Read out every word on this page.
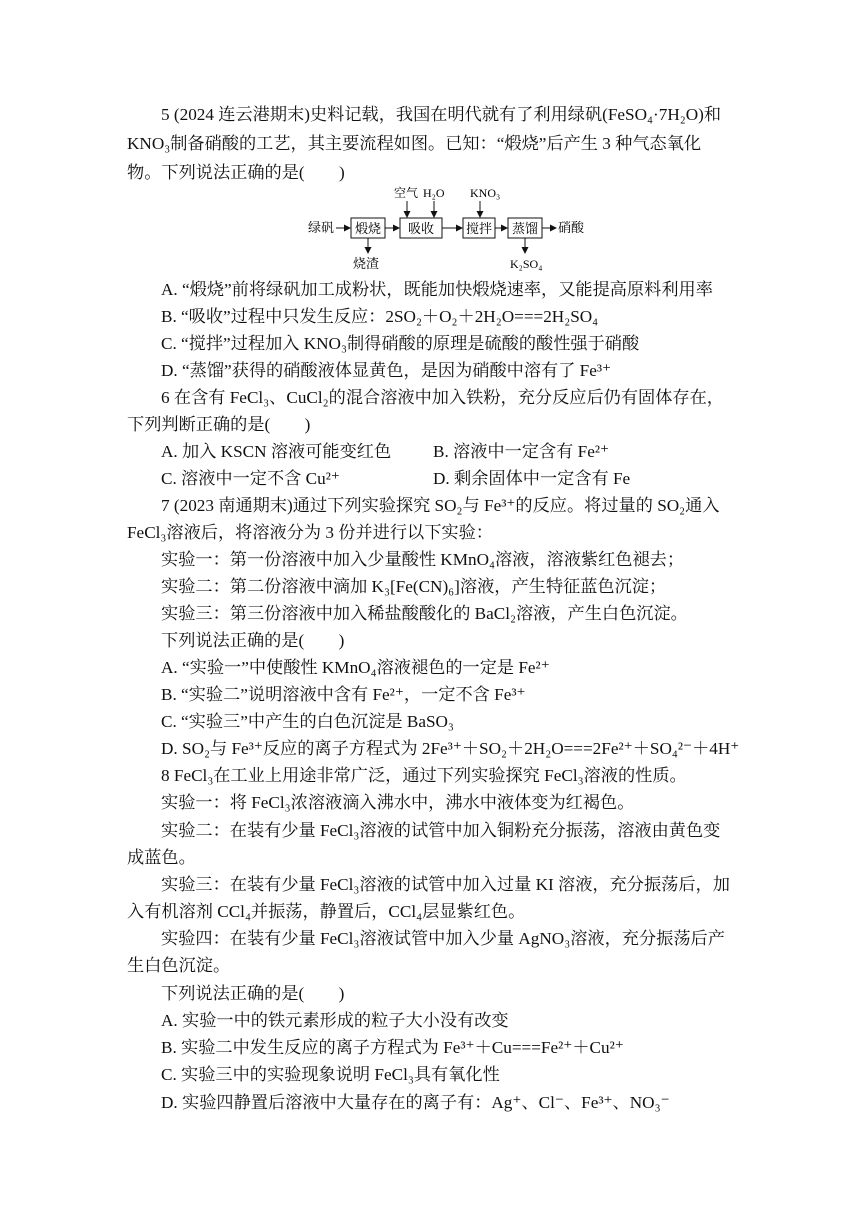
5 (2024 连云港期末)史料记载，我国在明代就有了利用绿矾(FeSO₄·7H₂O)和
KNO₃制备硝酸的工艺，其主要流程如图。已知：“煅烧”后产生 3 种气态氧化
物。下列说法正确的是(　　)
绿矾 煅烧 吸收 搅拌 蒸馏 硝酸
空气 H₂O KNO₃
烧渣	K₂SO₄
A. “煅烧”前将绿矾加工成粉状，既能加快煅烧速率，又能提高原料利用率
B. “吸收”过程中只发生反应：2SO₂＋O₂＋2H₂O===2H₂SO₄
C. “搅拌”过程加入 KNO₃制得硝酸的原理是硫酸的酸性强于硝酸
D. “蒸馏”获得的硝酸液体显黄色，是因为硝酸中溶有了 Fe³⁺
6 在含有 FeCl₃、CuCl₂的混合溶液中加入铁粉，充分反应后仍有固体存在，
下列判断正确的是(　　)
A. 加入 KSCN 溶液可能变红色 B. 溶液中一定含有 Fe²⁺
C. 溶液中一定不含 Cu²⁺	D. 剩余固体中一定含有 Fe
7 (2023 南通期末)通过下列实验探究 SO₂与 Fe³⁺的反应。将过量的 SO₂通入
FeCl₃溶液后，将溶液分为 3 份并进行以下实验：
实验一：第一份溶液中加入少量酸性 KMnO₄溶液，溶液紫红色褪去；
实验二：第二份溶液中滴加 K₃[Fe(CN)₆]溶液，产生特征蓝色沉淀；
实验三：第三份溶液中加入稀盐酸酸化的 BaCl₂溶液，产生白色沉淀。
下列说法正确的是(　　)
A. “实验一”中使酸性 KMnO₄溶液褪色的一定是 Fe²⁺
B. “实验二”说明溶液中含有 Fe²⁺，一定不含 Fe³⁺
C. “实验三”中产生的白色沉淀是 BaSO₃
D. SO₂与 Fe³⁺反应的离子方程式为 2Fe³⁺＋SO₂＋2H₂O===2Fe²⁺＋SO₄²⁻＋4H⁺
8 FeCl₃在工业上用途非常广泛，通过下列实验探究 FeCl₃溶液的性质。
实验一：将 FeCl₃浓溶液滴入沸水中，沸水中液体变为红褐色。
实验二：在装有少量 FeCl₃溶液的试管中加入铜粉充分振荡，溶液由黄色变
成蓝色。
实验三：在装有少量 FeCl₃溶液的试管中加入过量 KI 溶液，充分振荡后，加
入有机溶剂 CCl₄并振荡，静置后，CCl₄层显紫红色。
实验四：在装有少量 FeCl₃溶液试管中加入少量 AgNO₃溶液，充分振荡后产
生白色沉淀。
下列说法正确的是(　　)
A. 实验一中的铁元素形成的粒子大小没有改变
B. 实验二中发生反应的离子方程式为 Fe³⁺＋Cu===Fe²⁺＋Cu²⁺
C. 实验三中的实验现象说明 FeCl₃具有氧化性
D. 实验四静置后溶液中大量存在的离子有：Ag⁺、Cl⁻、Fe³⁺、NO₃⁻
